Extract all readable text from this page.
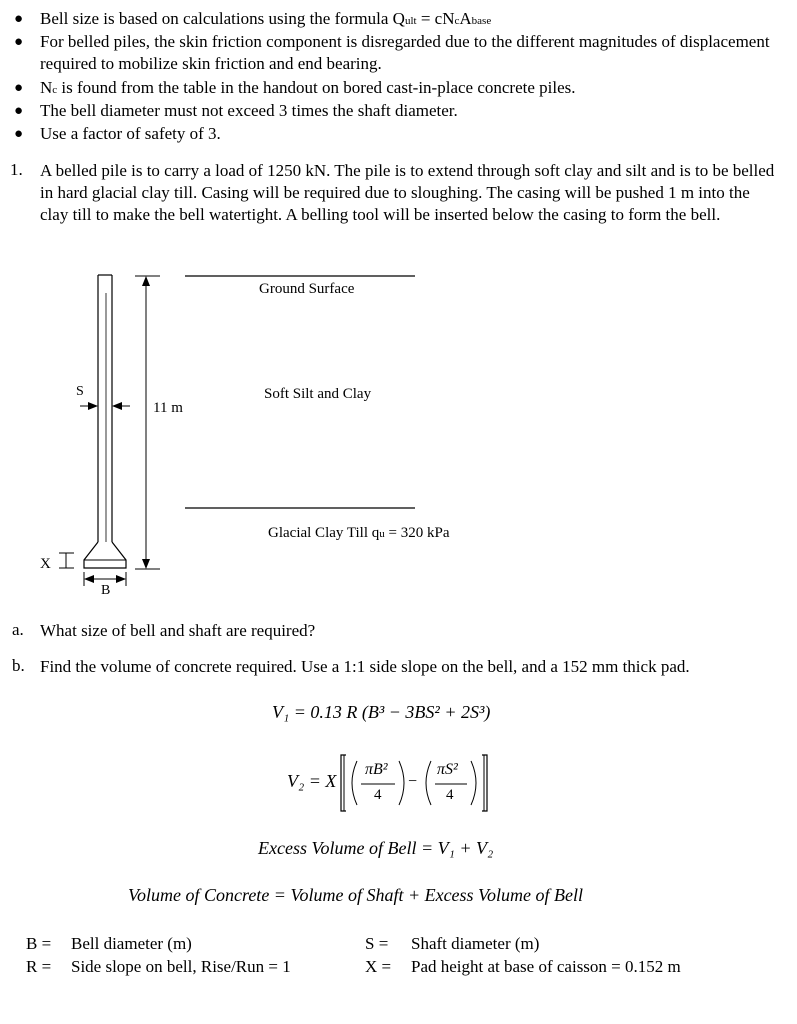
● Bell size is based on calculations using the formula Qult = cNcAbase
● For belled piles, the skin friction component is disregarded due to the different magnitudes of displacement required to mobilize skin friction and end bearing.
● Nc is found from the table in the handout on bored cast-in-place concrete piles.
● The bell diameter must not exceed 3 times the shaft diameter.
● Use a factor of safety of 3.
1. A belled pile is to carry a load of 1250 kN. The pile is to extend through soft clay and silt and is to be belled in hard glacial clay till. Casing will be required due to sloughing. The casing will be pushed 1 m into the clay till to make the bell watertight. A belling tool will be inserted below the casing to form the bell.
Ground Surface
Soft Silt and Clay
Glacial Clay Till qu = 320 kPa
11 m
S
B
X
a. What size of bell and shaft are required?
b. Find the volume of concrete required. Use a 1:1 side slope on the bell, and a 152 mm thick pad.
V₁ = 0.13 R (B³ − 3BS² + 2S³)
V₂ = X
πB²
4
−
πS²
4
Excess Volume of Bell = V₁ + V₂
Volume of Concrete = Volume of Shaft + Excess Volume of Bell
B = Bell diameter (m)
R = Side slope on bell, Rise/Run = 1
S = Shaft diameter (m)
X = Pad height at base of caisson = 0.152 m
